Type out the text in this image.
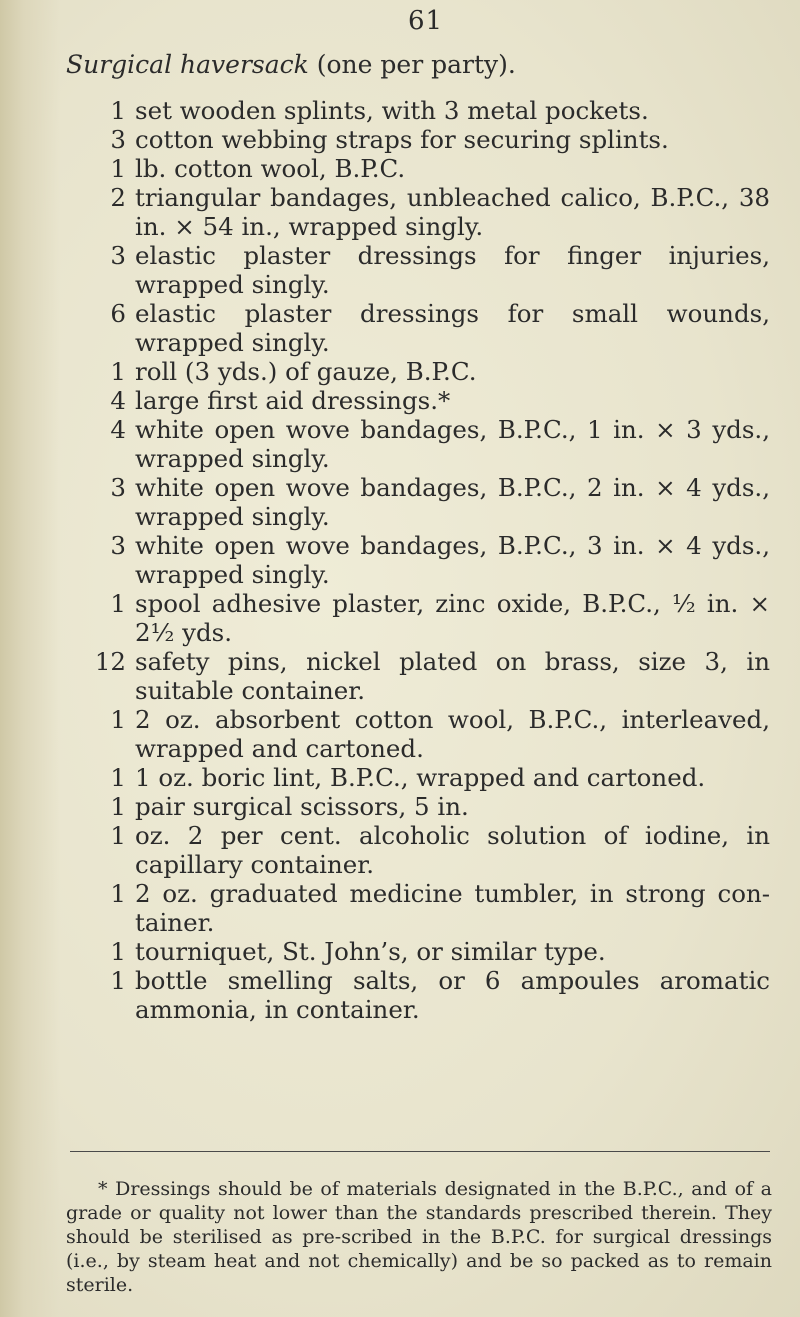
61
Surgical haversack (one per party).
1 set wooden splints, with 3 metal pockets.
3 cotton webbing straps for securing splints.
1 lb. cotton wool, B.P.C.
2 triangular bandages, unbleached calico, B.P.C., 38 in. × 54 in., wrapped singly.
3 elastic plaster dressings for finger injuries, wrapped singly.
6 elastic plaster dressings for small wounds, wrapped singly.
1 roll (3 yds.) of gauze, B.P.C.
4 large first aid dressings.*
4 white open wove bandages, B.P.C., 1 in. × 3 yds., wrapped singly.
3 white open wove bandages, B.P.C., 2 in. × 4 yds., wrapped singly.
3 white open wove bandages, B.P.C., 3 in. × 4 yds., wrapped singly.
1 spool adhesive plaster, zinc oxide, B.P.C., ½ in. × 2½ yds.
12 safety pins, nickel plated on brass, size 3, in suitable container.
1 2 oz. absorbent cotton wool, B.P.C., interleaved, wrapped and cartoned.
1 1 oz. boric lint, B.P.C., wrapped and cartoned.
1 pair surgical scissors, 5 in.
1 oz. 2 per cent. alcoholic solution of iodine, in capillary container.
1 2 oz. graduated medicine tumbler, in strong con-tainer.
1 tourniquet, St. John’s, or similar type.
1 bottle smelling salts, or 6 ampoules aromatic ammonia, in container.

* Dressings should be of materials designated in the B.P.C., and of a grade or quality not lower than the standards prescribed therein. They should be sterilised as pre-scribed in the B.P.C. for surgical dressings (i.e., by steam heat and not chemically) and be so packed as to remain sterile.
